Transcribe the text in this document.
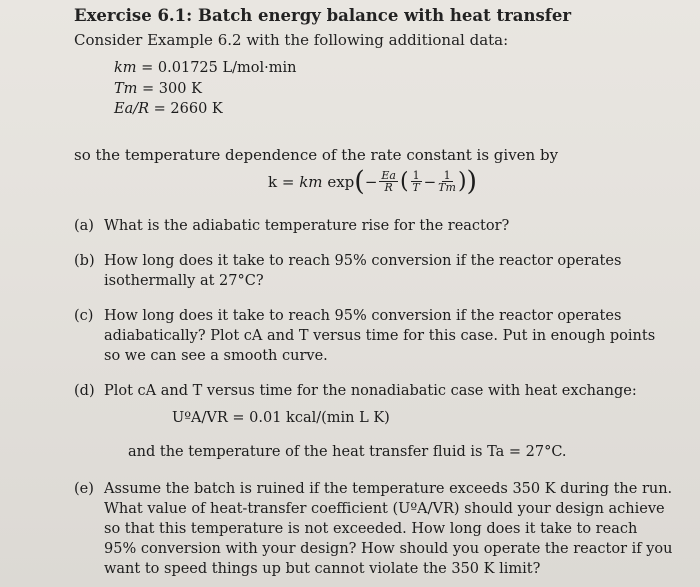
Exercise 6.1: Batch energy balance with heat transfer
Consider Example 6.2 with the following additional data:
km = 0.01725 L/mol·min
Tm = 300 K
Ea/R = 2660 K
so the temperature dependence of the rate constant is given by
k =
km
exp ( − $\frac{Ea}{R}$ ( $\frac{1}{T} - \frac{1}{Tm}$ ) )
(a) What is the adiabatic temperature rise for the reactor?
(b) How long does it take to reach 95% conversion if the reactor operates isothermally at 27°C?
(c) How long does it take to reach 95% conversion if the reactor operates adiabatically? Plot cA and T versus time for this case. Put in enough points so we can see a smooth curve.
(d) Plot cA and T versus time for the nonadiabatic case with heat exchange:
UºA/VR = 0.01 kcal/(min L K)
and the temperature of the heat transfer fluid is Ta = 27°C.
(e) Assume the batch is ruined if the temperature exceeds 350 K during the run. What value of heat-transfer coefficient (UºA/VR) should your design achieve so that this temperature is not exceeded. How long does it take to reach 95% conversion with your design? How should you operate the reactor if you want to speed things up but cannot violate the 350 K limit?
